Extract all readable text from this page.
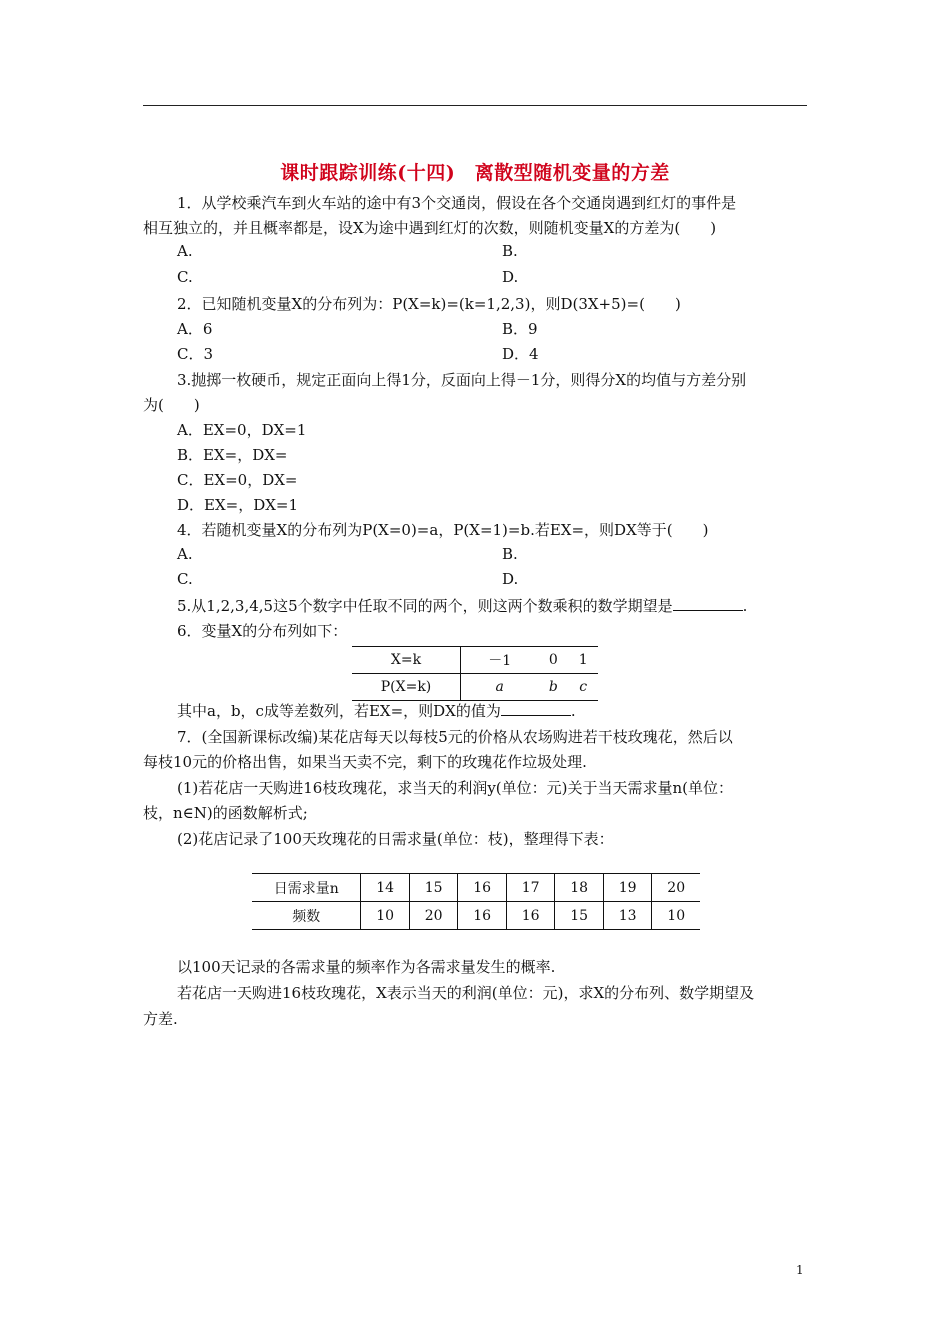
课时跟踪训练(十四)　离散型随机变量的方差
1．从学校乘汽车到火车站的途中有3个交通岗，假设在各个交通岗遇到红灯的事件是
相互独立的，并且概率都是，设X为途中遇到红灯的次数，则随机变量X的方差为(　　)
A.	B.
C.	D.
2．已知随机变量X的分布列为：P(X=k)=(k=1,2,3)，则D(3X+5)=(　　)
A．6	B．9
C．3	D．4
3.抛掷一枚硬币，规定正面向上得1分，反面向上得－1分，则得分X的均值与方差分别
为(　　)
A．EX=0，DX=1
B．EX=，DX=
C．EX=0，DX=
D．EX=，DX=1
4．若随机变量X的分布列为P(X=0)=a，P(X=1)=b.若EX=，则DX等于(　　)
A.	B.
C.	D.
5.从1,2,3,4,5这5个数字中任取不同的两个，则这两个数乘积的数学期望是	.
6．变量X的分布列如下：
X=k	－1	0	1
P(X=k)	a	b	c
其中a，b，c成等差数列，若EX=，则DX的值为	.
7．(全国新课标改编)某花店每天以每枝5元的价格从农场购进若干枝玫瑰花，然后以
每枝10元的价格出售，如果当天卖不完，剩下的玫瑰花作垃圾处理.
(1)若花店一天购进16枝玫瑰花，求当天的利润y(单位：元)关于当天需求量n(单位：
枝，n∈N)的函数解析式;
(2)花店记录了100天玫瑰花的日需求量(单位：枝)，整理得下表：
日需求量n	14	15	16	17	18	19	20
频数	10	20	16	16	15	13	10
以100天记录的各需求量的频率作为各需求量发生的概率.
若花店一天购进16枝玫瑰花，X表示当天的利润(单位：元)，求X的分布列、数学期望及
方差.
1
